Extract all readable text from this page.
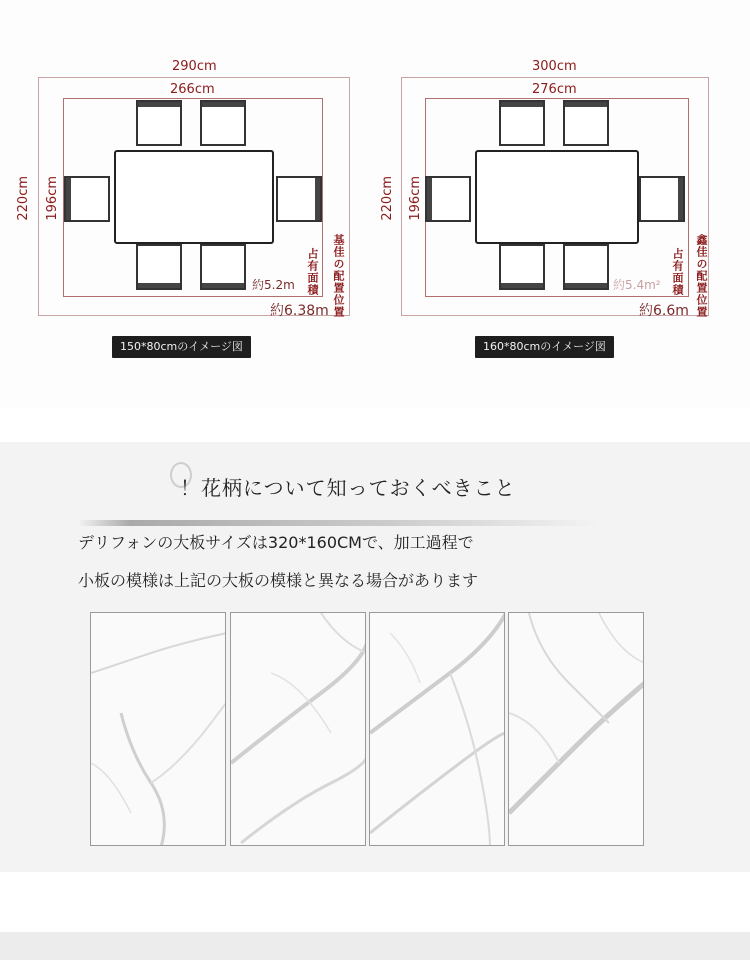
290cm
266cm
220cm 196cm
約5.2m
約6.38m
占有面積 基佳の配置位置
150*80cmのイメージ図
300cm
276cm
220cm 196cm
約5.4m²
約6.6m
占有面積 鑫佳の配置位置
160*80cmのイメージ図
！花柄について知っておくべきこと
デリフォンの大板サイズは320*160CMで、加工過程で
小板の模様は上記の大板の模様と異なる場合があります
